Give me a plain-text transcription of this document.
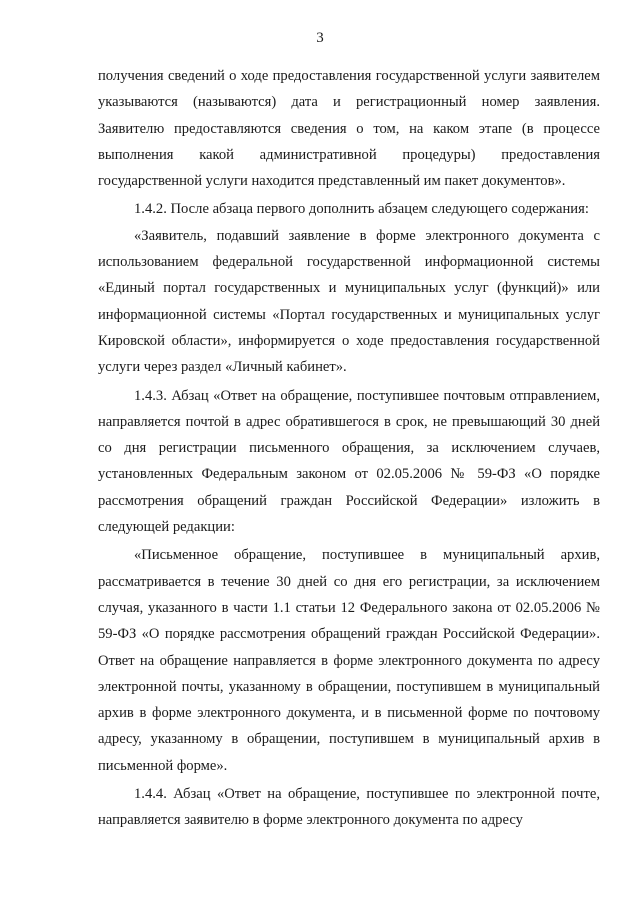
3

получения сведений о ходе предоставления государственной услуги заявителем указываются (называются) дата и регистрационный номер заявления. Заявителю предоставляются сведения о том, на каком этапе (в процессе выполнения какой административной процедуры) предоставления государственной услуги находится представленный им пакет документов».

1.4.2. После абзаца первого дополнить абзацем следующего содержания:

«Заявитель, подавший заявление в форме электронного документа с использованием федеральной государственной информационной системы «Единый портал государственных и муниципальных услуг (функций)» или информационной системы «Портал государственных и муниципальных услуг Кировской области», информируется о ходе предоставления государственной услуги через раздел «Личный кабинет».

1.4.3. Абзац «Ответ на обращение, поступившее почтовым отправлением, направляется почтой в адрес обратившегося в срок, не превышающий 30 дней со дня регистрации письменного обращения, за исключением случаев, установленных Федеральным законом от 02.05.2006 № 59-ФЗ «О порядке рассмотрения обращений граждан Российской Федерации» изложить в следующей редакции:

«Письменное обращение, поступившее в муниципальный архив, рассматривается в течение 30 дней со дня его регистрации, за исключением случая, указанного в части 1.1 статьи 12 Федерального закона от 02.05.2006 № 59-ФЗ «О порядке рассмотрения обращений граждан Российской Федерации». Ответ на обращение направляется в форме электронного документа по адресу электронной почты, указанному в обращении, поступившем в муниципальный архив в форме электронного документа, и в письменной форме по почтовому адресу, указанному в обращении, поступившем в муниципальный архив в письменной форме».

1.4.4. Абзац «Ответ на обращение, поступившее по электронной почте, направляется заявителю в форме электронного документа по адресу
